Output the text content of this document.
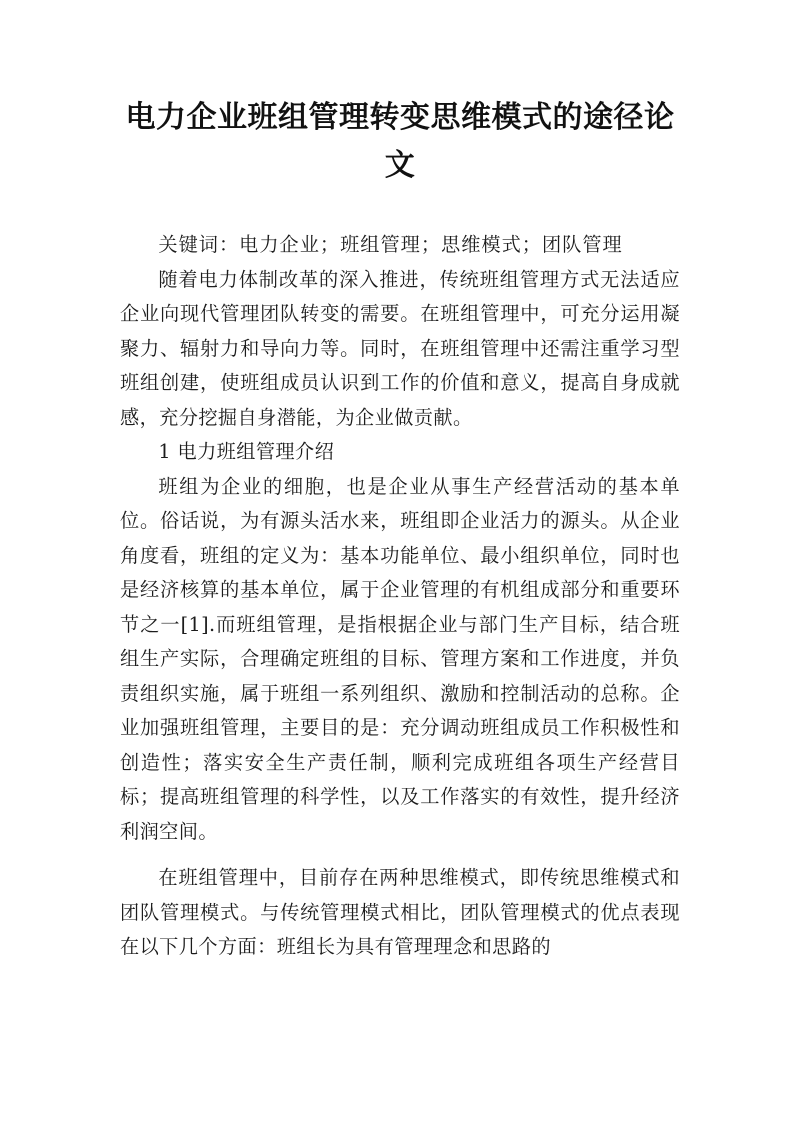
电力企业班组管理转变思维模式的途径论
文

关键词：电力企业；班组管理；思维模式；团队管理

随着电力体制改革的深入推进，传统班组管理方式无法适应企业向现代管理团队转变的需要。在班组管理中，可充分运用凝聚力、辐射力和导向力等。同时，在班组管理中还需注重学习型班组创建，使班组成员认识到工作的价值和意义，提高自身成就感，充分挖掘自身潜能，为企业做贡献。

1 电力班组管理介绍

班组为企业的细胞，也是企业从事生产经营活动的基本单位。俗话说，为有源头活水来，班组即企业活力的源头。从企业角度看，班组的定义为：基本功能单位、最小组织单位，同时也是经济核算的基本单位，属于企业管理的有机组成部分和重要环节之一[1].而班组管理，是指根据企业与部门生产目标，结合班组生产实际，合理确定班组的目标、管理方案和工作进度，并负责组织实施，属于班组一系列组织、激励和控制活动的总称。企业加强班组管理，主要目的是：充分调动班组成员工作积极性和创造性；落实安全生产责任制，顺利完成班组各项生产经营目标；提高班组管理的科学性，以及工作落实的有效性，提升经济利润空间。

在班组管理中，目前存在两种思维模式，即传统思维模式和团队管理模式。与传统管理模式相比，团队管理模式的优点表现在以下几个方面：班组长为具有管理理念和思路的
